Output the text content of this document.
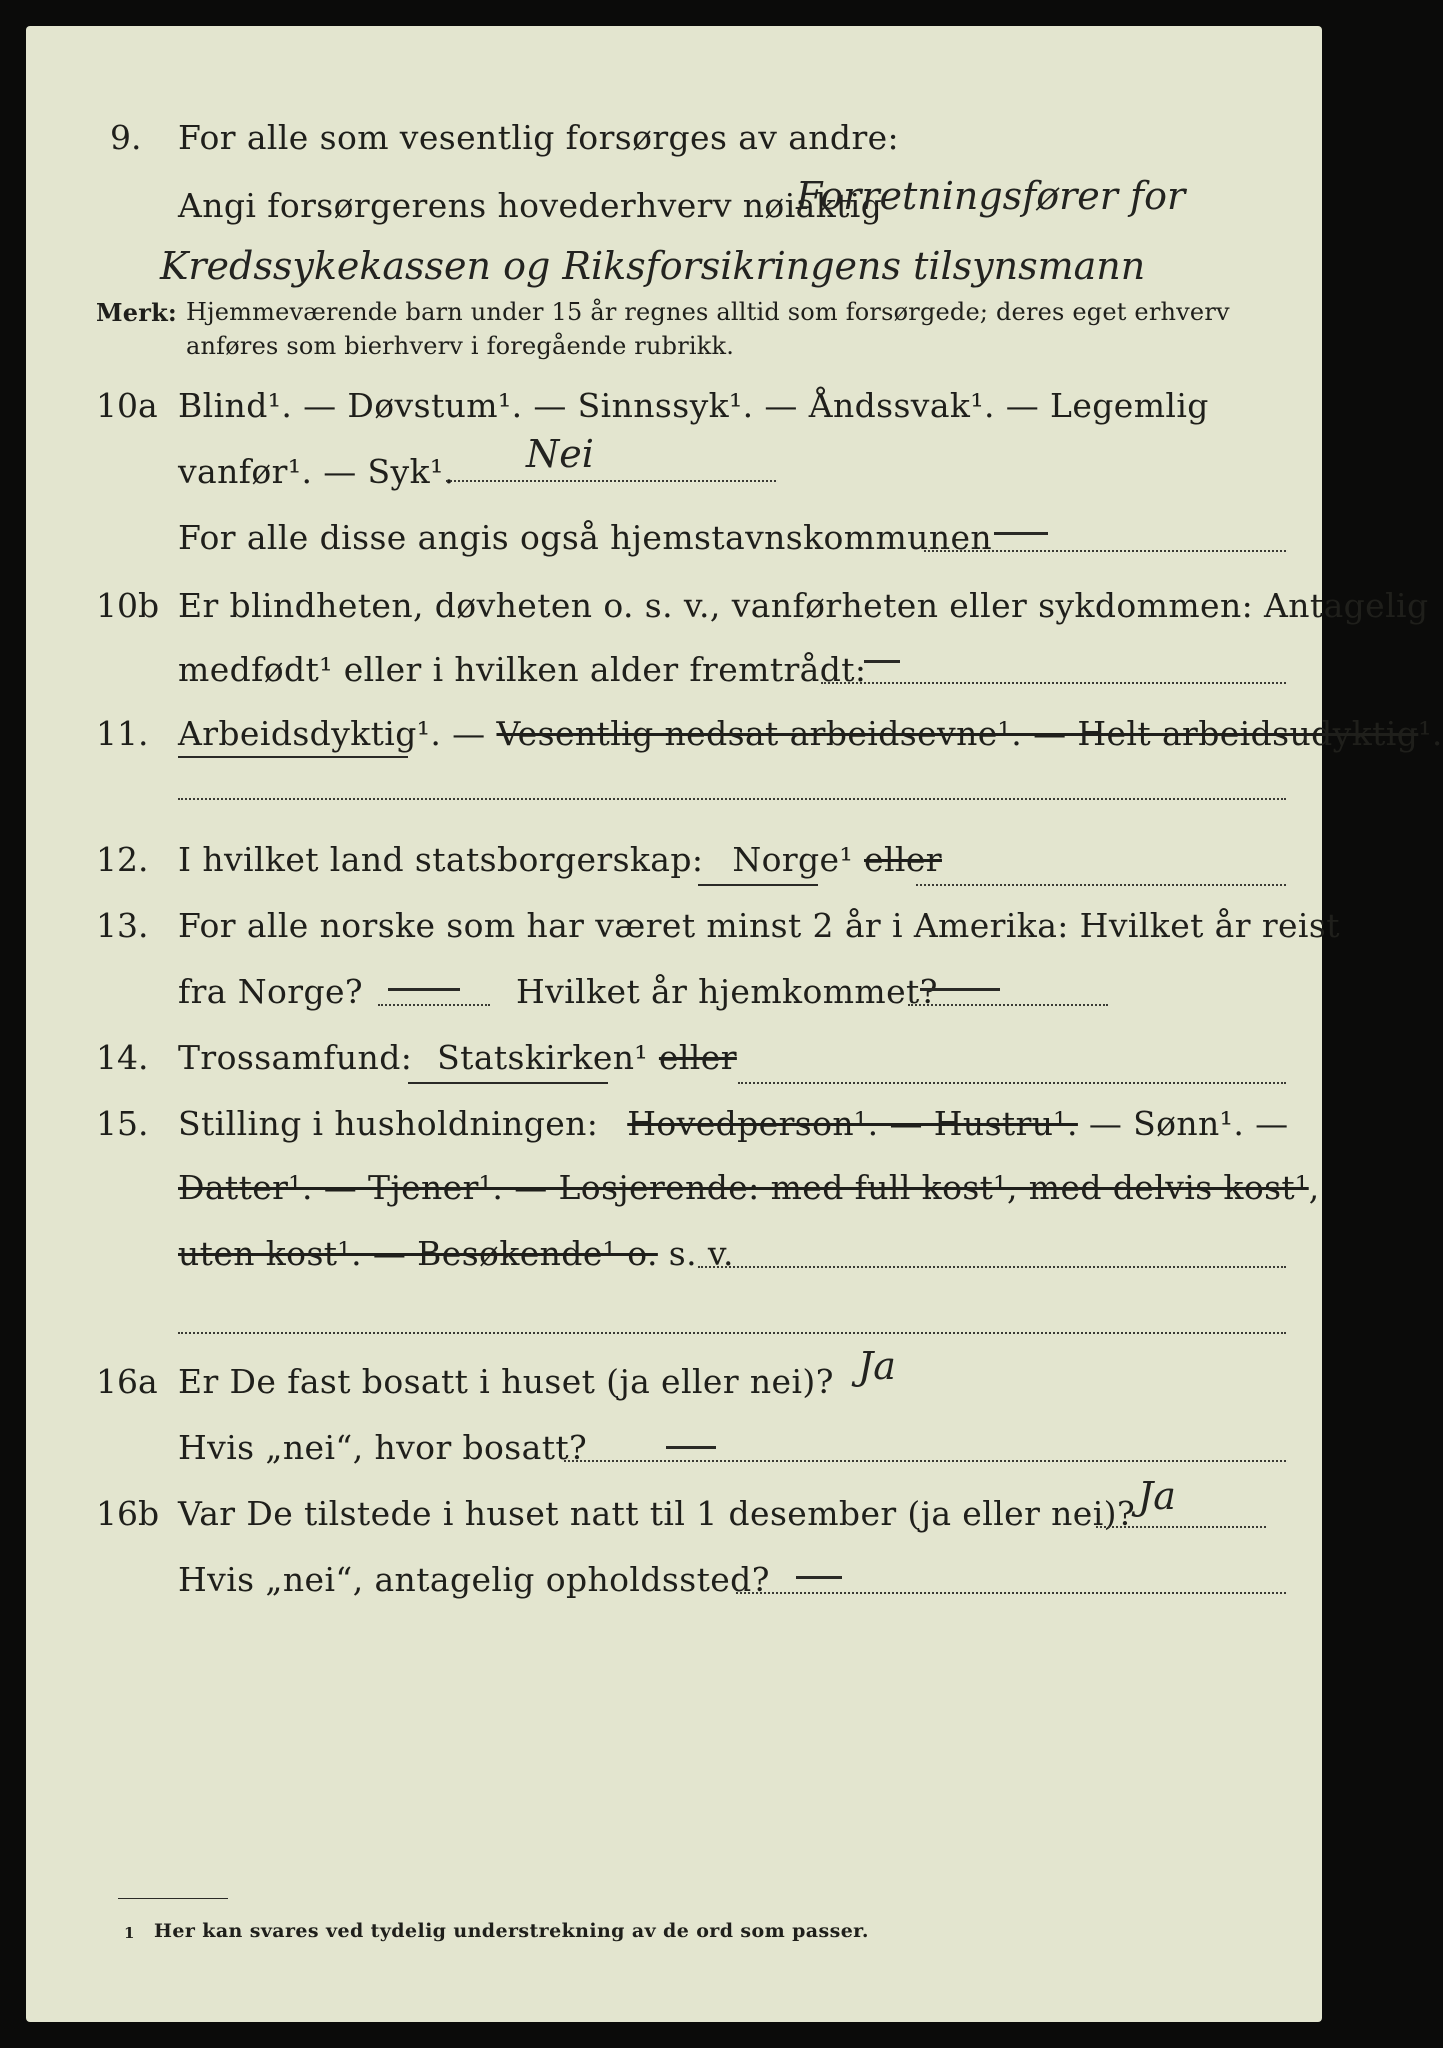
9. For alle som vesentlig forsørges av andre:
Angi forsørgerens hovederhverv nøiaktig
Forretningsfører for
Kredssykekassen og Riksforsikringens tilsynsmann
Merk: Hjemmeværende barn under 15 år regnes alltid som forsørgede; deres eget erhverv
anføres som bierhverv i foregående rubrikk.
10a Blind¹. — Døvstum¹. — Sinnssyk¹. — Åndssvak¹. — Legemlig
vanfør¹. — Syk¹. Nei
For alle disse angis også hjemstavnskommunen
10b Er blindheten, døvheten o. s. v., vanførheten eller sykdommen: Antagelig
medfødt¹ eller i hvilken alder fremtrådt:
11. Arbeidsdyktig¹. — Vesentlig nedsat arbeidsevne¹. — Helt arbeidsudyktig¹.
12. I hvilket land statsborgerskap: Norge¹ eller
13. For alle norske som har været minst 2 år i Amerika: Hvilket år reist
fra Norge?	Hvilket år hjemkommet?
14. Trossamfund: Statskirken¹ eller
15. Stilling i husholdningen: Hovedperson¹. — Hustru¹. — Sønn¹. —
Datter¹. — Tjener¹. — Losjerende: med full kost¹, med delvis kost¹,
uten kost¹. — Besøkende¹ o. s. v.
16a Er De fast bosatt i huset (ja eller nei)? Ja
Hvis „nei“, hvor bosatt?
16b Var De tilstede i huset natt til 1 desember (ja eller nei)? Ja
Hvis „nei“, antagelig opholdssted?
1 Her kan svares ved tydelig understrekning av de ord som passer.
